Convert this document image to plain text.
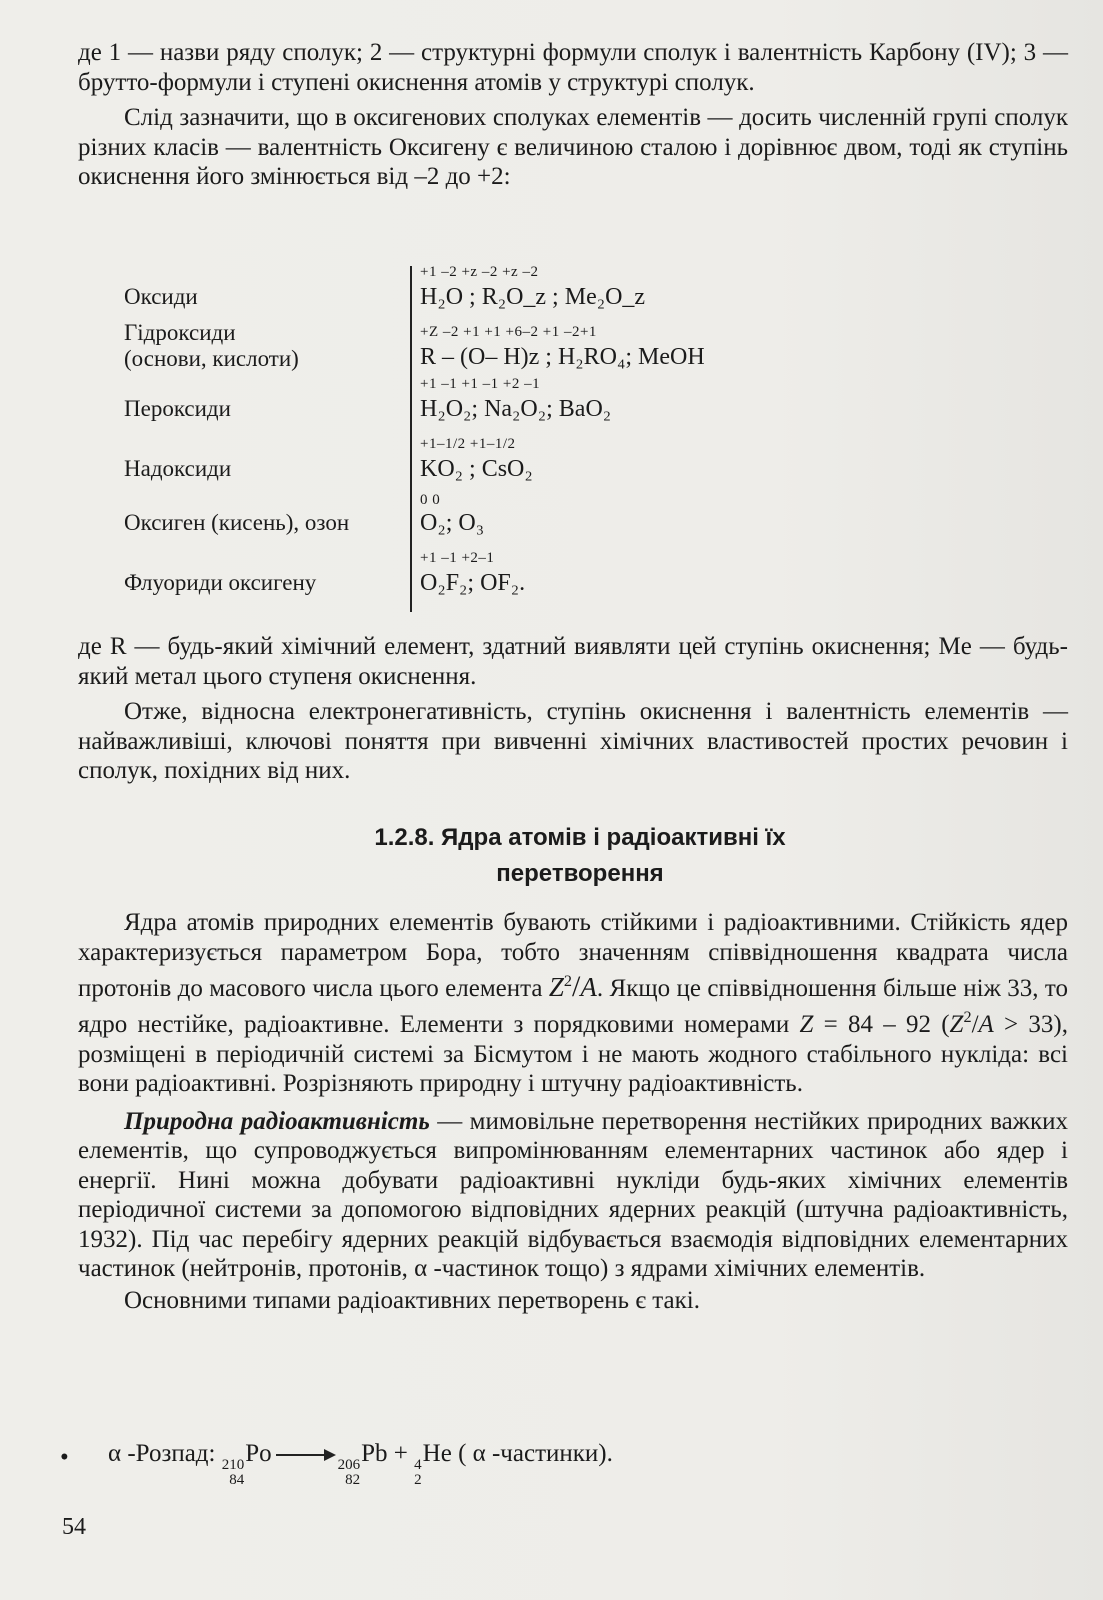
де 1 — назви ряду сполук; 2 — структурні формули сполук і валентність Карбону (IV); 3 — брутто-формули і ступені окиснення атомів у структурі сполук.

Слід зазначити, що в оксигенових сполуках елементів — досить численній групі сполук різних класів — валентність Оксигену є величиною сталою і дорівнює двом, тоді як ступінь окиснення його змінюється від –2 до +2:

Оксиди
Гідроксиди
(основи, кислоти)
Пероксиди
Надоксиди
Оксиген (кисень), озон
Флуориди оксигену
+1 –2 +z –2 +z –2
H₂O ; R₂O_z ; Me₂O_z
+Z –2 +1 +1 +6–2 +1 –2+1
R – (O– H)z ; H₂RO₄; MeOH
+1 –1 +1 –1 +2 –1
H₂O₂; Na₂O₂; BaO₂
+1–1/2 +1–1/2
KO₂ ; CsO₂
0 0
O₂; O₃
+1 –1 +2–1
O₂F₂; OF₂.

де R — будь-який хімічний елемент, здатний виявляти цей ступінь окиснення; Me — будь-який метал цього ступеня окиснення.

Отже, відносна електронегативність, ступінь окиснення і валентність елементів — найважливіші, ключові поняття при вивченні хімічних властивостей простих речовин і сполук, похідних від них.

1.2.8. Ядра атомів і радіоактивні їх
перетворення

Ядра атомів природних елементів бувають стійкими і радіоактивними. Стійкість ядер характеризується параметром Бора, тобто значенням співвідношення квадрата числа протонів до масового числа цього елемента $Z^2/A$. Якщо це співвідношення більше ніж 33, то ядро нестійке, радіоактивне. Елементи з порядковими номерами Z = 84 – 92 $(Z^2/A > 33)$, розміщені в періодичній системі за Бісмутом і не мають жодного стабільного нукліда: всі вони радіоактивні. Розрізняють природну і штучну радіоактивність.

Природна радіоактивність — мимовільне перетворення нестійких природних важких елементів, що супроводжується випромінюванням елементарних частинок або ядер і енергії. Нині можна добувати радіоактивні нукліди будь-яких хімічних елементів періодичної системи за допомогою відповідних ядерних реакцій (штучна радіоактивність, 1932). Під час перебігу ядерних реакцій відбувається взаємодія відповідних елементарних частинок (нейтронів, протонів, α -частинок тощо) з ядрами хімічних елементів.

Основними типами радіоактивних перетворень є такі.

• α -Розпад: 210
84
Po →
206
82
Pb + 4
2
He ( α -частинки).
54
